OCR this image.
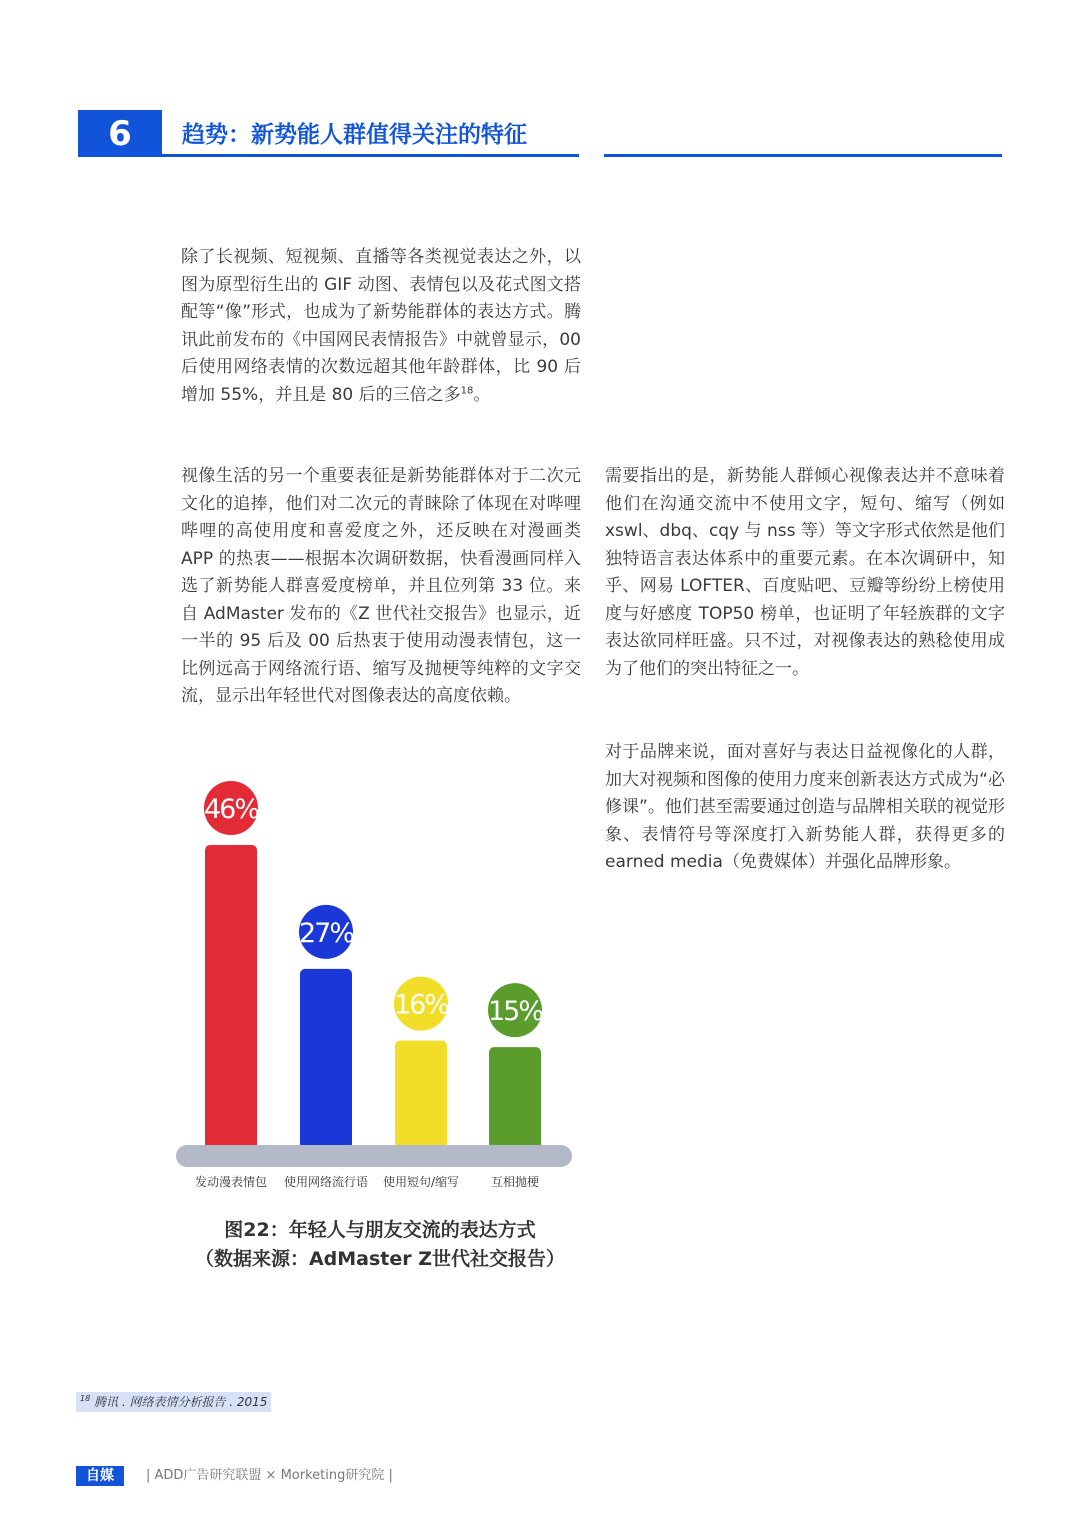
6	趋势：新势能人群值得关注的特征

除了长视频、短视频、直播等各类视觉表达之外，以图为原型衍生出的 GIF 动图、表情包以及花式图文搭配等“像”形式，也成为了新势能群体的表达方式。腾讯此前发布的《中国网民表情报告》中就曾显示，00 后使用网络表情的次数远超其他年龄群体，比 90 后增加 55%，并且是 80 后的三倍之多$^{18}$。

视像生活的另一个重要表征是新势能群体对于二次元文化的追捧，他们对二次元的青睐除了体现在对哔哩哔哩的高使用度和喜爱度之外，还反映在对漫画类 APP 的热衷——根据本次调研数据，快看漫画同样入选了新势能人群喜爱度榜单，并且位列第 33 位。来自 AdMaster 发布的《Z 世代社交报告》也显示，近一半的 95 后及 00 后热衷于使用动漫表情包，这一比例远高于网络流行语、缩写及抛梗等纯粹的文字交流，显示出年轻世代对图像表达的高度依赖。

需要指出的是，新势能人群倾心视像表达并不意味着他们在沟通交流中不使用文字，短句、缩写（例如 xswl、dbq、cqy 与 nss 等）等文字形式依然是他们独特语言表达体系中的重要元素。在本次调研中，知乎、网易 LOFTER、百度贴吧、豆瓣等纷纷上榜使用度与好感度 TOP50 榜单，也证明了年轻族群的文字表达欲同样旺盛。只不过，对视像表达的熟稔使用成为了他们的突出特征之一。

对于品牌来说，面对喜好与表达日益视像化的人群，加大对视频和图像的使用力度来创新表达方式成为“必修课”。他们甚至需要通过创造与品牌相关联的视觉形象、表情符号等深度打入新势能人群，获得更多的 earned media（免费媒体）并强化品牌形象。

46%
发动漫表情包
27%
使用网络流行语
16%
使用短句/缩写
15%
互相抛梗
图22：年轻人与朋友交流的表达方式
（数据来源：AdMaster Z世代社交报告）
$^{18}$ 腾讯 . 网络表情分析报告 . 2015
自媒	| ADD广告研究联盟 × Morketing研究院 |
